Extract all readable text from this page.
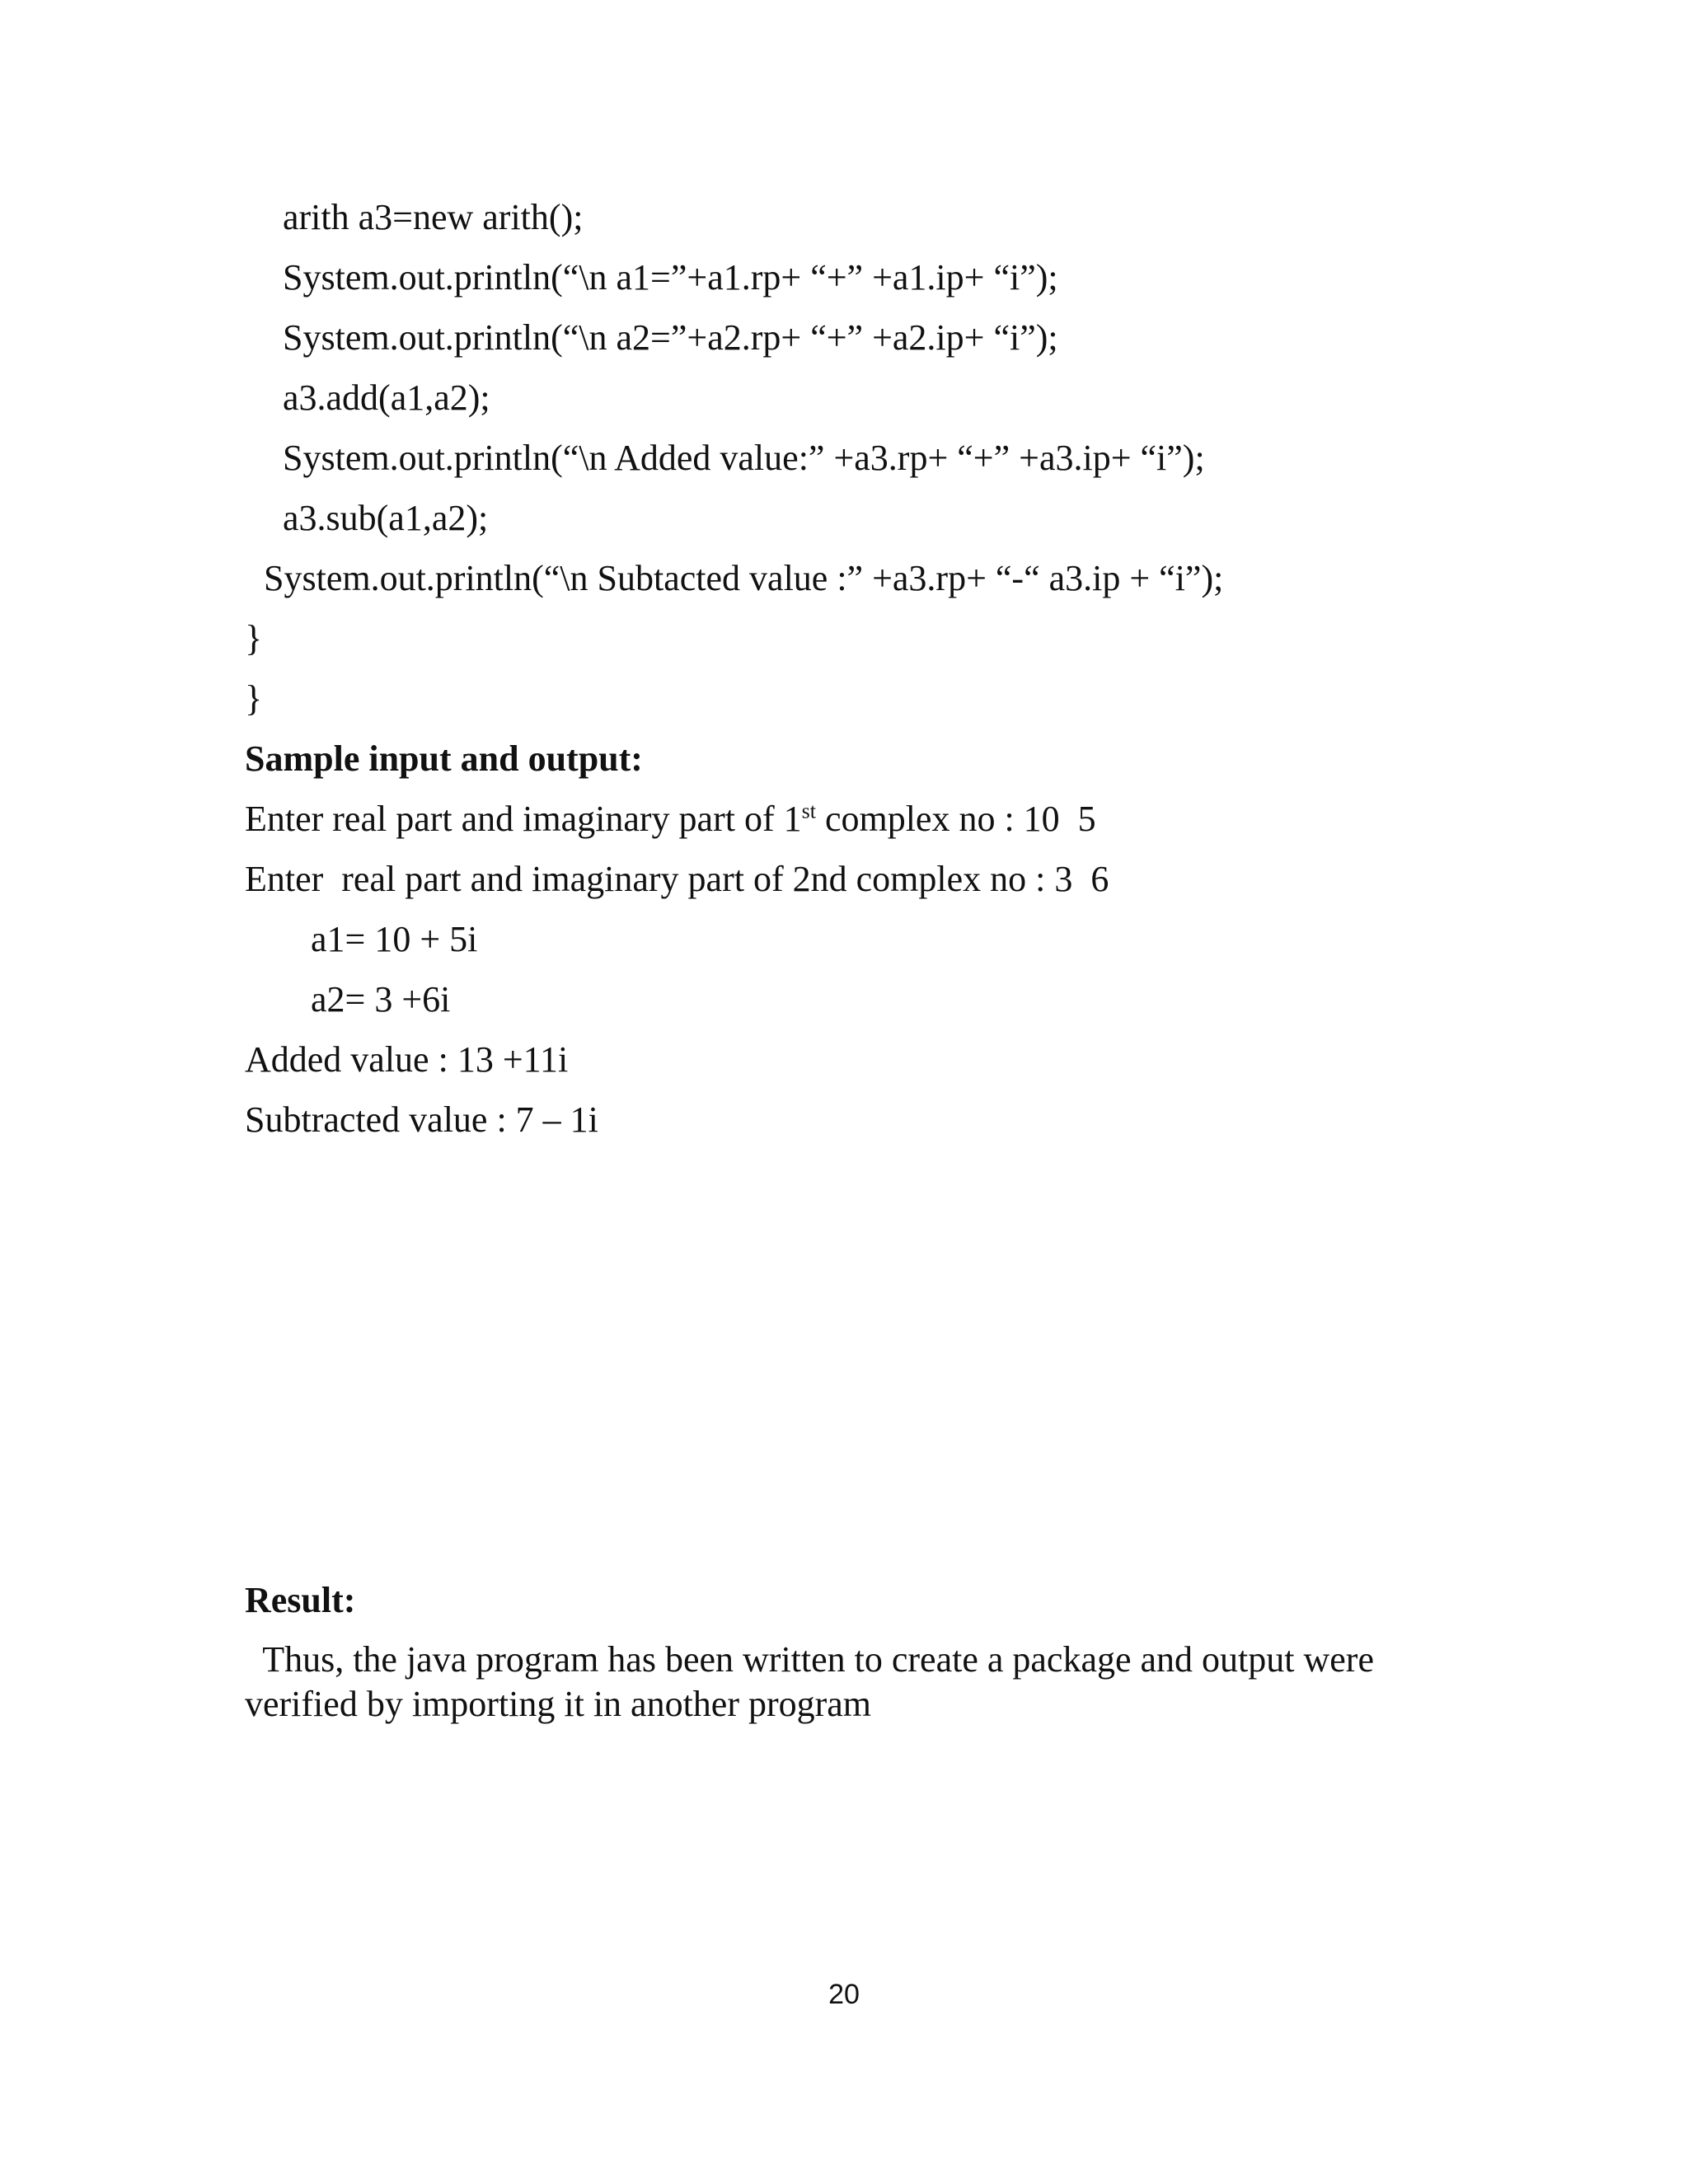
arith a3=new arith();
System.out.println(“\n a1=”+a1.rp+ “+” +a1.ip+ “i”);
System.out.println(“\n a2=”+a2.rp+ “+” +a2.ip+ “i”);
a3.add(a1,a2);
System.out.println(“\n Added value:” +a3.rp+ “+” +a3.ip+ “i”);
a3.sub(a1,a2);
System.out.println(“\n Subtacted value :” +a3.rp+ “-“ a3.ip + “i”);
}
}
Sample input and output:
Enter real part and imaginary part of 1st complex no : 10  5
Enter  real part and imaginary part of 2nd complex no : 3  6
a1= 10 + 5i
a2= 3 +6i
Added value : 13 +11i
Subtracted value : 7 – 1i
Result:
Thus, the java program has been written to create a package and output were
verified by importing it in another program
20
